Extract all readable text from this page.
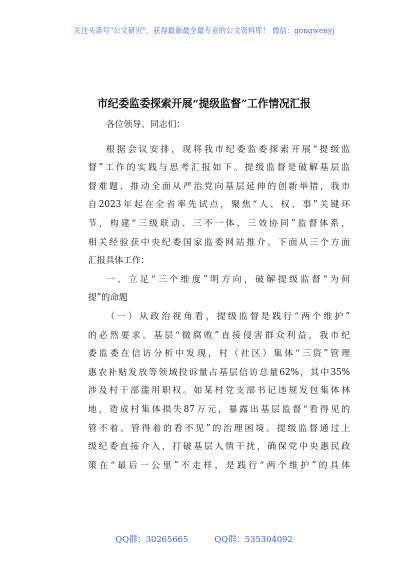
关注头条号"公文研究"，获得最新最全最专业的公文资料库！ 微信：gongwenyj
市纪委监委探索开展“提级监督”工作情况汇报
各位领导、同志们：
根据会议安排，现将我市纪委监委探索开展“提级监
督”工作的实践与思考汇报如下。提级监督是破解基层监
督难题、推动全面从严治党向基层延伸的创新举措，我市
自2023年起在全省率先试点，聚焦“人、权、事”关键环
节，构建“三级联动、三不一体、三效协同”监督体系，
相关经验获中央纪委国家监委网站推介。下面从三个方面
汇报具体工作：
一、立足“三个维度”明方向，破解提级监督“为何
提”的命题
（一）从政治视角看，提级监督是践行“两个维护”
的必然要求。基层“微腐败”直接侵害群众利益，我市纪
委监委在信访分析中发现，村（社区）集体“三资”管理
惠农补贴发放等领域投诉量占基层信访总量62%，其中35%
涉及村干部滥用职权。如某村党支部书记违规发包集体林
地，造成村集体损失87万元，暴露出基层监督“看得见的
管不着、管得着的看不见”的治理困境。提级监督通过上
级纪委直接介入，打破基层人情干扰，确保党中央惠民政
策在“最后一公里”不走样，是践行“两个维护”的具体
QQ群：30265665	QQ群：535304092
